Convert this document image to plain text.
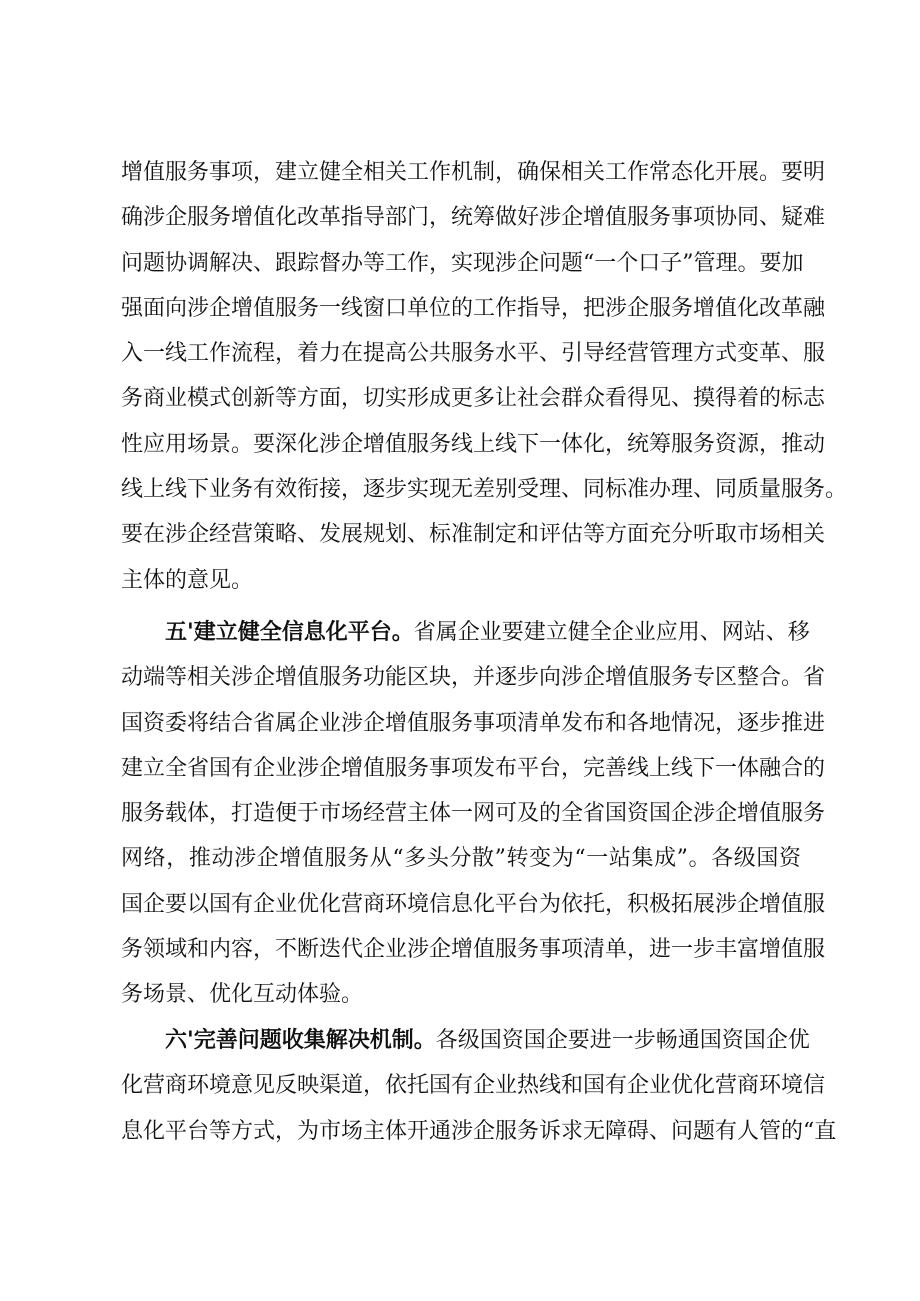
增值服务事项，建立健全相关工作机制，确保相关工作常态化开展。要明
确涉企服务增值化改革指导部门，统筹做好涉企增值服务事项协同、疑难
问题协调解决、跟踪督办等工作，实现涉企问题“一个口子”管理。要加
强面向涉企增值服务一线窗口单位的工作指导，把涉企服务增值化改革融
入一线工作流程，着力在提高公共服务水平、引导经营管理方式变革、服
务商业模式创新等方面，切实形成更多让社会群众看得见、摸得着的标志
性应用场景。要深化涉企增值服务线上线下一体化，统筹服务资源，推动
线上线下业务有效衔接，逐步实现无差别受理、同标准办理、同质量服务。
要在涉企经营策略、发展规划、标准制定和评估等方面充分听取市场相关
主体的意见。
五'建立健全信息化平台。省属企业要建立健全企业应用、网站、移
动端等相关涉企增值服务功能区块，并逐步向涉企增值服务专区整合。省
国资委将结合省属企业涉企增值服务事项清单发布和各地情况，逐步推进
建立全省国有企业涉企增值服务事项发布平台，完善线上线下一体融合的
服务载体，打造便于市场经营主体一网可及的全省国资国企涉企增值服务
网络，推动涉企增值服务从“多头分散”转变为“一站集成”。各级国资
国企要以国有企业优化营商环境信息化平台为依托，积极拓展涉企增值服
务领域和内容，不断迭代企业涉企增值服务事项清单，进一步丰富增值服
务场景、优化互动体验。
六'完善问题收集解决机制。各级国资国企要进一步畅通国资国企优
化营商环境意见反映渠道，依托国有企业热线和国有企业优化营商环境信
息化平台等方式，为市场主体开通涉企服务诉求无障碍、问题有人管的“直
